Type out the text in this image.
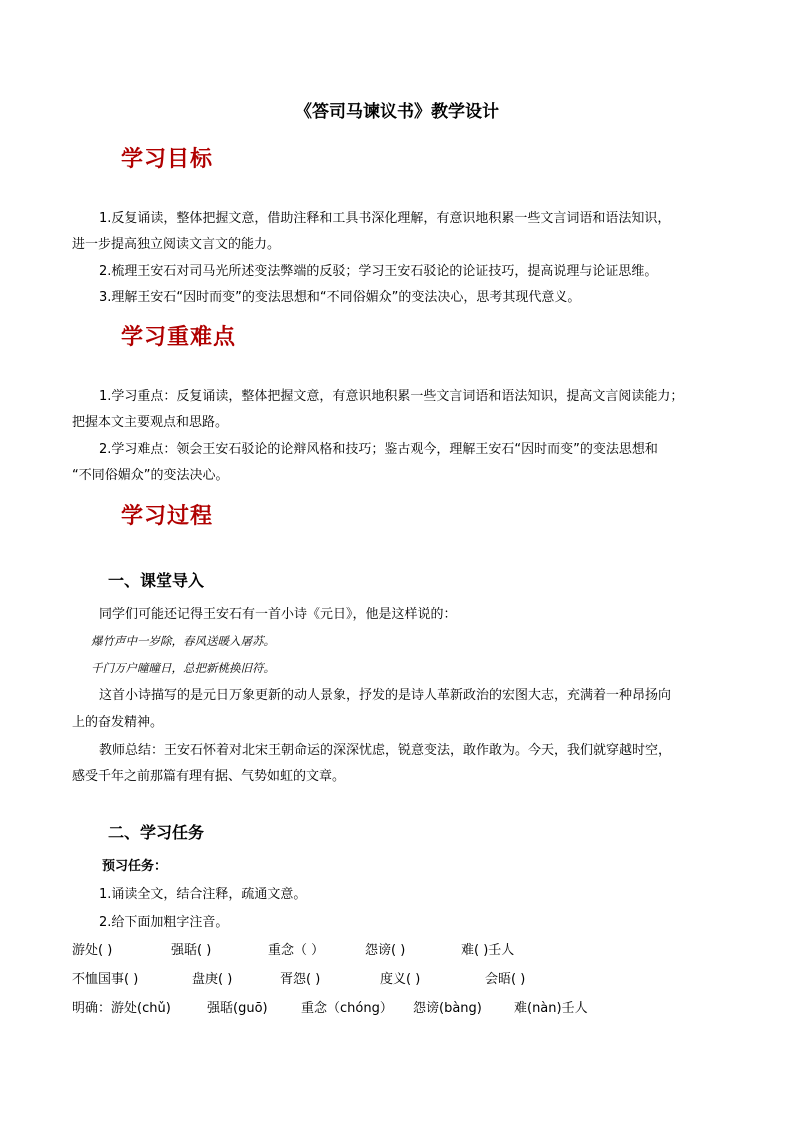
《答司马谏议书》教学设计
学习目标
1.反复诵读，整体把握文意，借助注释和工具书深化理解，有意识地积累一些文言词语和语法知识，
进一步提高独立阅读文言文的能力。
2.梳理王安石对司马光所述变法弊端的反驳；学习王安石驳论的论证技巧，提高说理与论证思维。
3.理解王安石“因时而变”的变法思想和“不同俗媚众”的变法决心，思考其现代意义。
学习重难点
1.学习重点：反复诵读，整体把握文意，有意识地积累一些文言词语和语法知识，提高文言阅读能力；
把握本文主要观点和思路。
2.学习难点：领会王安石驳论的论辩风格和技巧；鉴古观今，理解王安石“因时而变”的变法思想和
“不同俗媚众”的变法决心。
学习过程
一、课堂导入
同学们可能还记得王安石有一首小诗《元日》，他是这样说的：
爆竹声中一岁除，春风送暖入屠苏。
千门万户曈曈日，总把新桃换旧符。
这首小诗描写的是元日万象更新的动人景象，抒发的是诗人革新政治的宏图大志，充满着一种昂扬向
上的奋发精神。
教师总结：王安石怀着对北宋王朝命运的深深忧虑，锐意变法，敢作敢为。今天，我们就穿越时空，
感受千年之前那篇有理有据、气势如虹的文章。
二、学习任务
预习任务：
1.诵读全文，结合注释，疏通文意。
2.给下面加粗字注音。
游处( )	强聒( )	重念（ ）	怨谤( )	难( )壬人
不恤国事( )	盘庚( )	胥怨( )	度义( )	会晤( )
明确：游处(chǔ)	强聒(guō)	重念（chóng） 怨谤(bàng) 难(nàn)壬人
